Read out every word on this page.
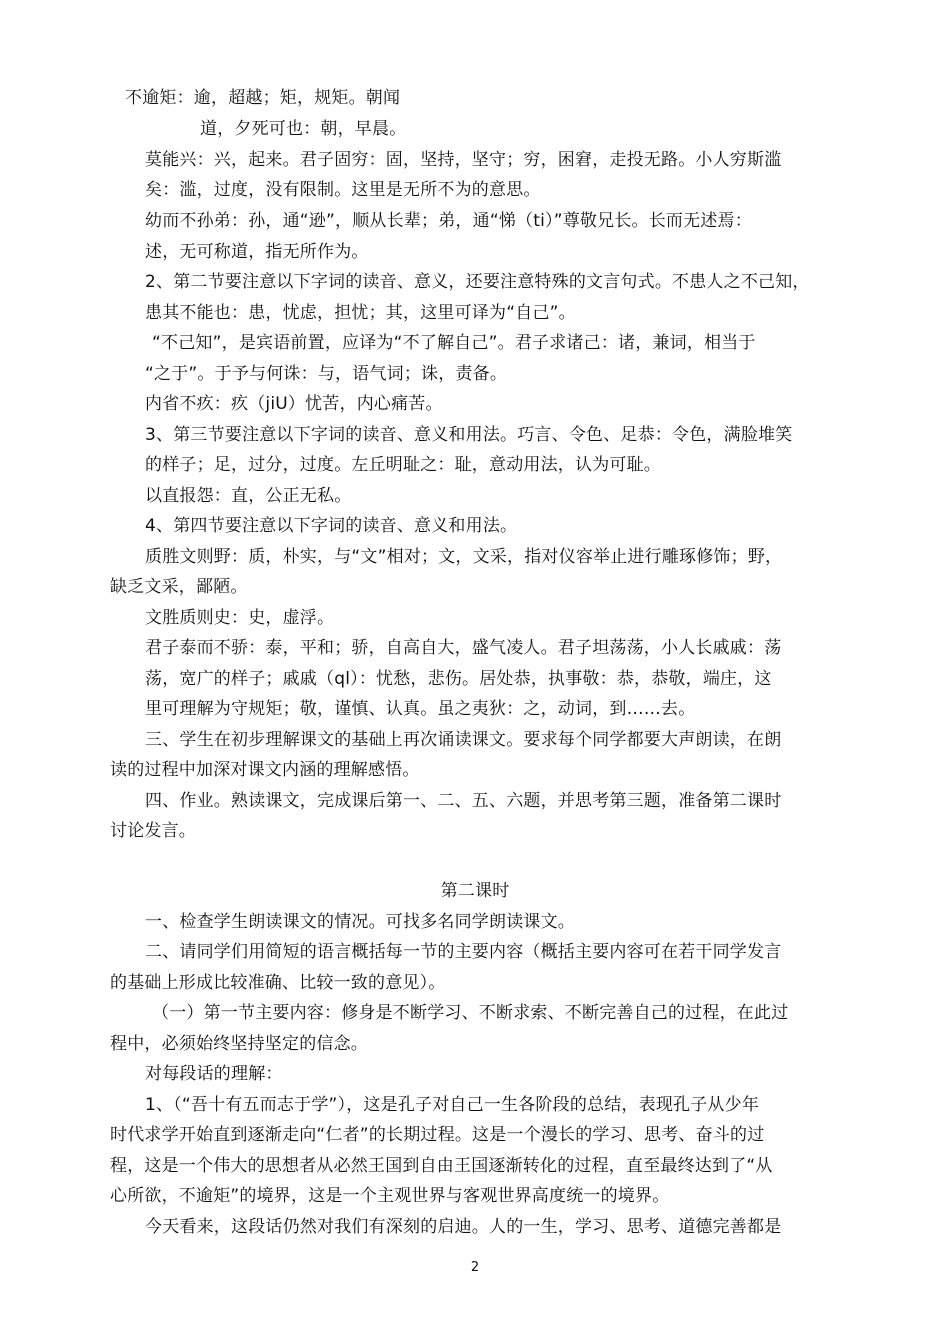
不逾矩：逾，超越；矩，规矩。朝闻
道，夕死可也：朝，早晨。
莫能兴：兴，起来。君子固穷：固，坚持，坚守；穷，困窘，走投无路。小人穷斯滥
矣：滥，过度，没有限制。这里是无所不为的意思。
幼而不孙弟：孙，通“逊”，顺从长辈；弟，通“悌（ti）”尊敬兄长。长而无述焉：
述，无可称道，指无所作为。
2、第二节要注意以下字词的读音、意义，还要注意特殊的文言句式。不患人之不己知，
患其不能也：患，忧虑，担忧；其，这里可译为“自己”。
“不己知”，是宾语前置，应译为“不了解自己”。君子求诸己：诸，兼词，相当于
“之于”。于予与何诛：与，语气词；诛，责备。
内省不疚：疚（jiU）忧苦，内心痛苦。
3、第三节要注意以下字词的读音、意义和用法。巧言、令色、足恭：令色，满脸堆笑
的样子；足，过分，过度。左丘明耻之：耻，意动用法，认为可耻。
以直报怨：直，公正无私。
4、第四节要注意以下字词的读音、意义和用法。
质胜文则野：质，朴实，与“文”相对；文，文采，指对仪容举止进行雕琢修饰；野，
缺乏文采，鄙陋。
文胜质则史：史，虚浮。
君子泰而不骄：泰，平和；骄，自高自大，盛气凌人。君子坦荡荡，小人长戚戚：荡
荡，宽广的样子；戚戚（ql）：忧愁，悲伤。居处恭，执事敬：恭，恭敬，端庄，这
里可理解为守规矩；敬，谨慎、认真。虽之夷狄：之，动词，到……去。
三、学生在初步理解课文的基础上再次诵读课文。要求每个同学都要大声朗读，在朗
读的过程中加深对课文内涵的理解感悟。
四、作业。熟读课文，完成课后第一、二、五、六题，并思考第三题，准备第二课时
讨论发言。
第二课时
一、检查学生朗读课文的情况。可找多名同学朗读课文。
二、请同学们用简短的语言概括每一节的主要内容（概括主要内容可在若干同学发言
的基础上形成比较准确、比较一致的意见）。
（一）第一节主要内容：修身是不断学习、不断求索、不断完善自己的过程，在此过
程中，必须始终坚持坚定的信念。
对每段话的理解：
1、（“吾十有五而志于学”），这是孔子对自己一生各阶段的总结，表现孔子从少年
时代求学开始直到逐渐走向“仁者”的长期过程。这是一个漫长的学习、思考、奋斗的过
程，这是一个伟大的思想者从必然王国到自由王国逐渐转化的过程，直至最终达到了“从
心所欲，不逾矩”的境界，这是一个主观世界与客观世界高度统一的境界。
今天看来，这段话仍然对我们有深刻的启迪。人的一生，学习、思考、道德完善都是
2
